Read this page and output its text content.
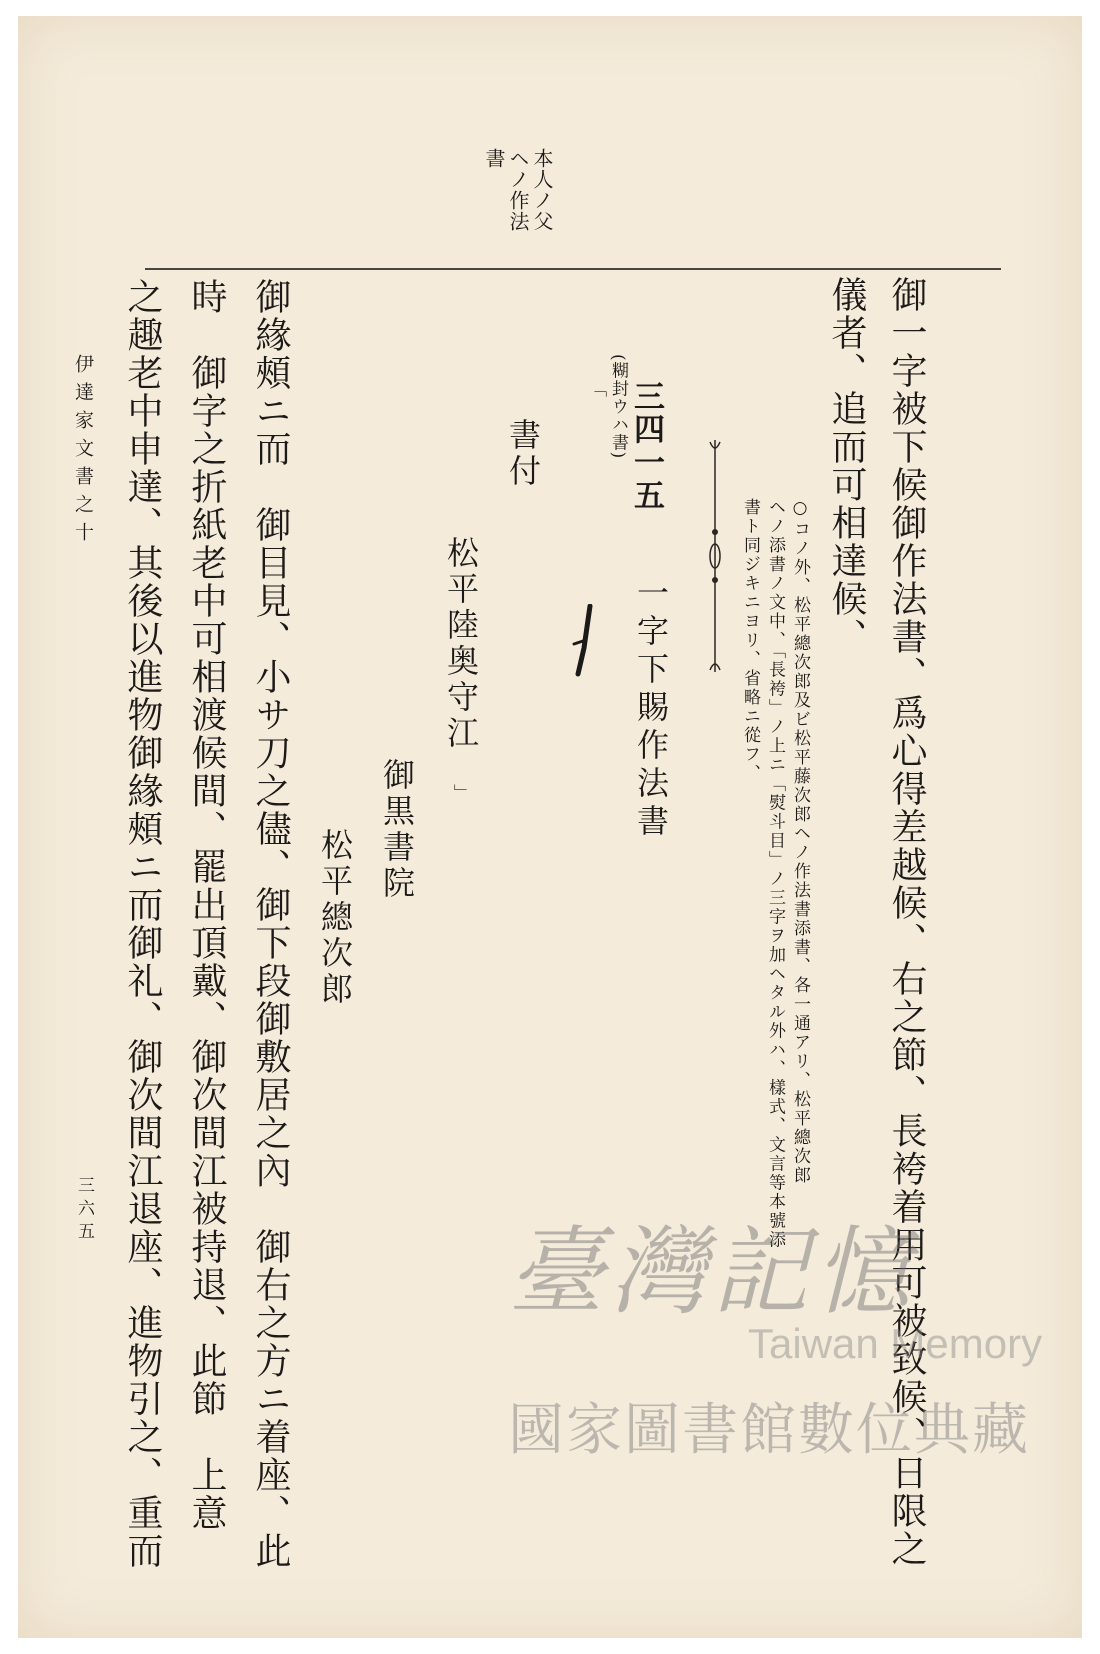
本人ノ父
ヘノ作法
書
御一字被下候御作法書、爲心得差越候、右之節、長袴着用可被致候、日限之
儀者、追而可相達候、
○コノ外、松平總次郎及ビ松平藤次郎ヘノ作法書添書、各一通アリ、松平總次郎
ヘノ添書ノ文中、「長袴」ノ上ニ「熨斗目」ノ三字ヲ加ヘタル外ハ、樣式、文言等本號添
書ト同ジキニヨリ、省略ニ從フ、
三四一五
一字下賜作法書
(糊封ウハ書)
「
書付
松平陸奥守江
」
御黒書院
松平總次郎
御緣頰ニ而　御目見、小サ刀之儘、御下段御敷居之內　御右之方ニ着座、此
時　御字之折紙老中可相渡候間、罷出頂戴、御次間江被持退、此節　上意
之趣老中申達、其後以進物御緣頰ニ而御礼、御次間江退座、進物引之、重而
伊達家文書之十
三六五
臺灣記憶
Taiwan Memory
國家圖書館數位典藏
